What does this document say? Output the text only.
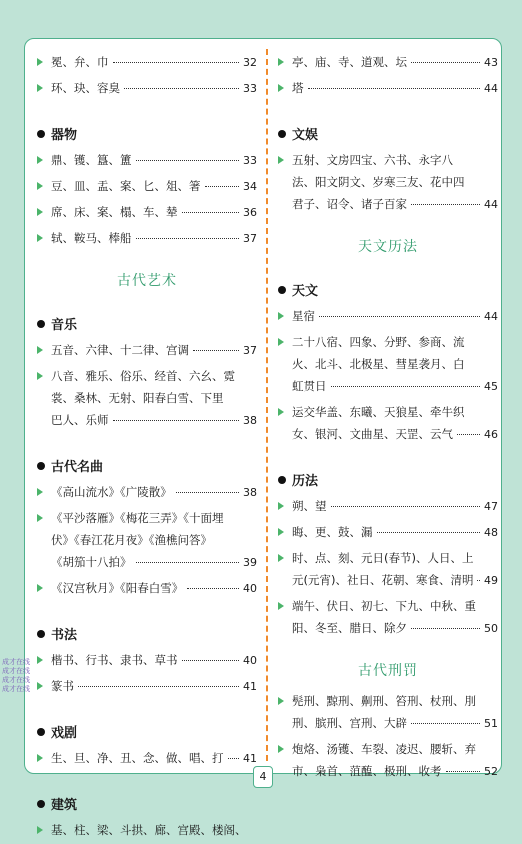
冕、弁、巾	32
环、玦、容臭	33
器物
鼎、镬、簋、簠	33
豆、皿、盂、案、匕、俎、箸	34
席、床、案、榻、车、辇	36
轼、鞍马、棒船	37
古代艺术
音乐
五音、六律、十二律、宫调	37
八音、雅乐、俗乐、经首、六幺、霓
裳、桑林、无射、阳春白雪、下里
巴人、乐师	38
古代名曲
《高山流水》《广陵散》	38
《平沙落雁》《梅花三弄》《十面埋
伏》《春江花月夜》《渔樵问答》
《胡笳十八拍》	39
《汉宫秋月》《阳春白雪》	40
书法
楷书、行书、隶书、草书	40
篆书	41
戏剧
生、旦、净、丑、念、做、唱、打 41
建筑
基、柱、梁、斗拱、廊、宫殿、楼阁、
亭、庙、寺、道观、坛	43
塔	44
文娱
五射、文房四宝、六书、永字八
法、阳文阴文、岁寒三友、花中四
君子、诏令、诸子百家	44
天文历法
天文
星宿	44
二十八宿、四象、分野、参商、流
火、北斗、北极星、彗星袭月、白
虹贯日	45
运交华盖、东曦、天狼星、牵牛织
女、银河、文曲星、天罡、云气	46
历法
朔、望	47
晦、更、鼓、漏	48
时、点、刻、元日(春节)、人日、上
元(元宵)、社日、花朝、寒食、清明 49
端午、伏日、初七、下九、中秋、重
阳、冬至、腊日、除夕	50
古代刑罚
髡刑、黥刑、劓刑、笞刑、杖刑、刖
刑、膑刑、宫刑、大辟	51
炮烙、汤镬、车裂、凌迟、腰斩、弃
市、枭首、菹醢、极刑、收考	52
4
成才在线
成才在线
成才在线
成才在线
